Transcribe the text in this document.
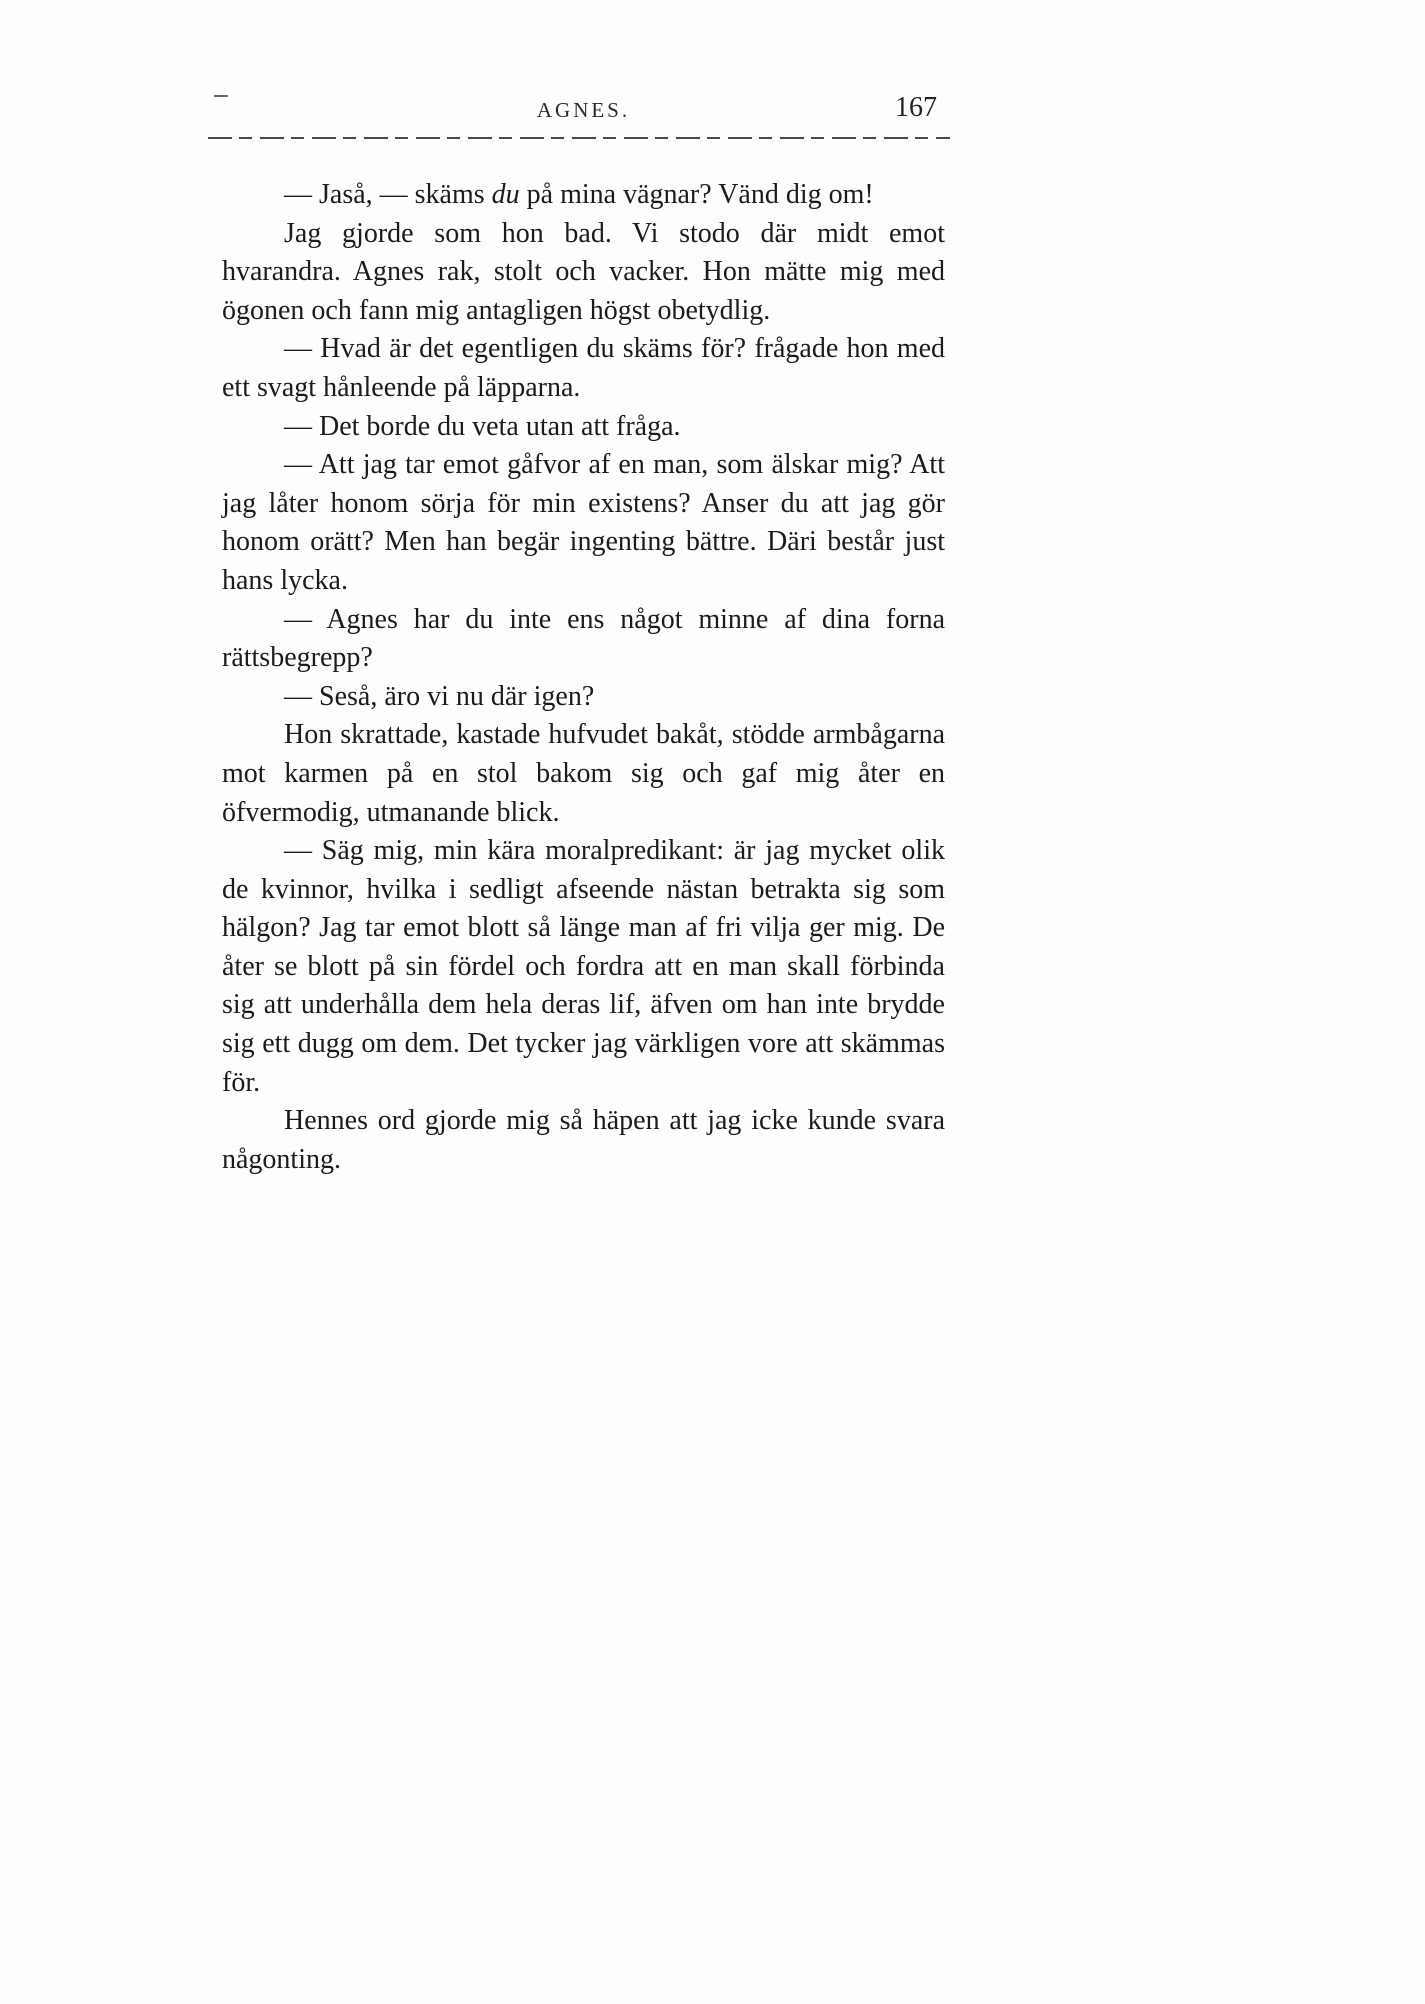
AGNES.	167

— Jaså, — skäms du på mina vägnar? Vänd dig om!

Jag gjorde som hon bad. Vi stodo där midt emot hvarandra. Agnes rak, stolt och vacker. Hon mätte mig med ögonen och fann mig antagligen högst obetydlig.

— Hvad är det egentligen du skäms för? frågade hon med ett svagt hånleende på läpparna.

— Det borde du veta utan att fråga.

— Att jag tar emot gåfvor af en man, som älskar mig? Att jag låter honom sörja för min existens? Anser du att jag gör honom orätt? Men han begär ingenting bättre. Däri består just hans lycka.

— Agnes har du inte ens något minne af dina forna rättsbegrepp?

— Seså, äro vi nu där igen?

Hon skrattade, kastade hufvudet bakåt, stödde armbågarna mot karmen på en stol bakom sig och gaf mig åter en öfvermodig, utmanande blick.

— Säg mig, min kära moralpredikant: är jag mycket olik de kvinnor, hvilka i sedligt afseende nästan betrakta sig som hälgon? Jag tar emot blott så länge man af fri vilja ger mig. De åter se blott på sin fördel och fordra att en man skall förbinda sig att underhålla dem hela deras lif, äfven om han inte brydde sig ett dugg om dem. Det tycker jag värkligen vore att skämmas för.

Hennes ord gjorde mig så häpen att jag icke kunde svara någonting.
